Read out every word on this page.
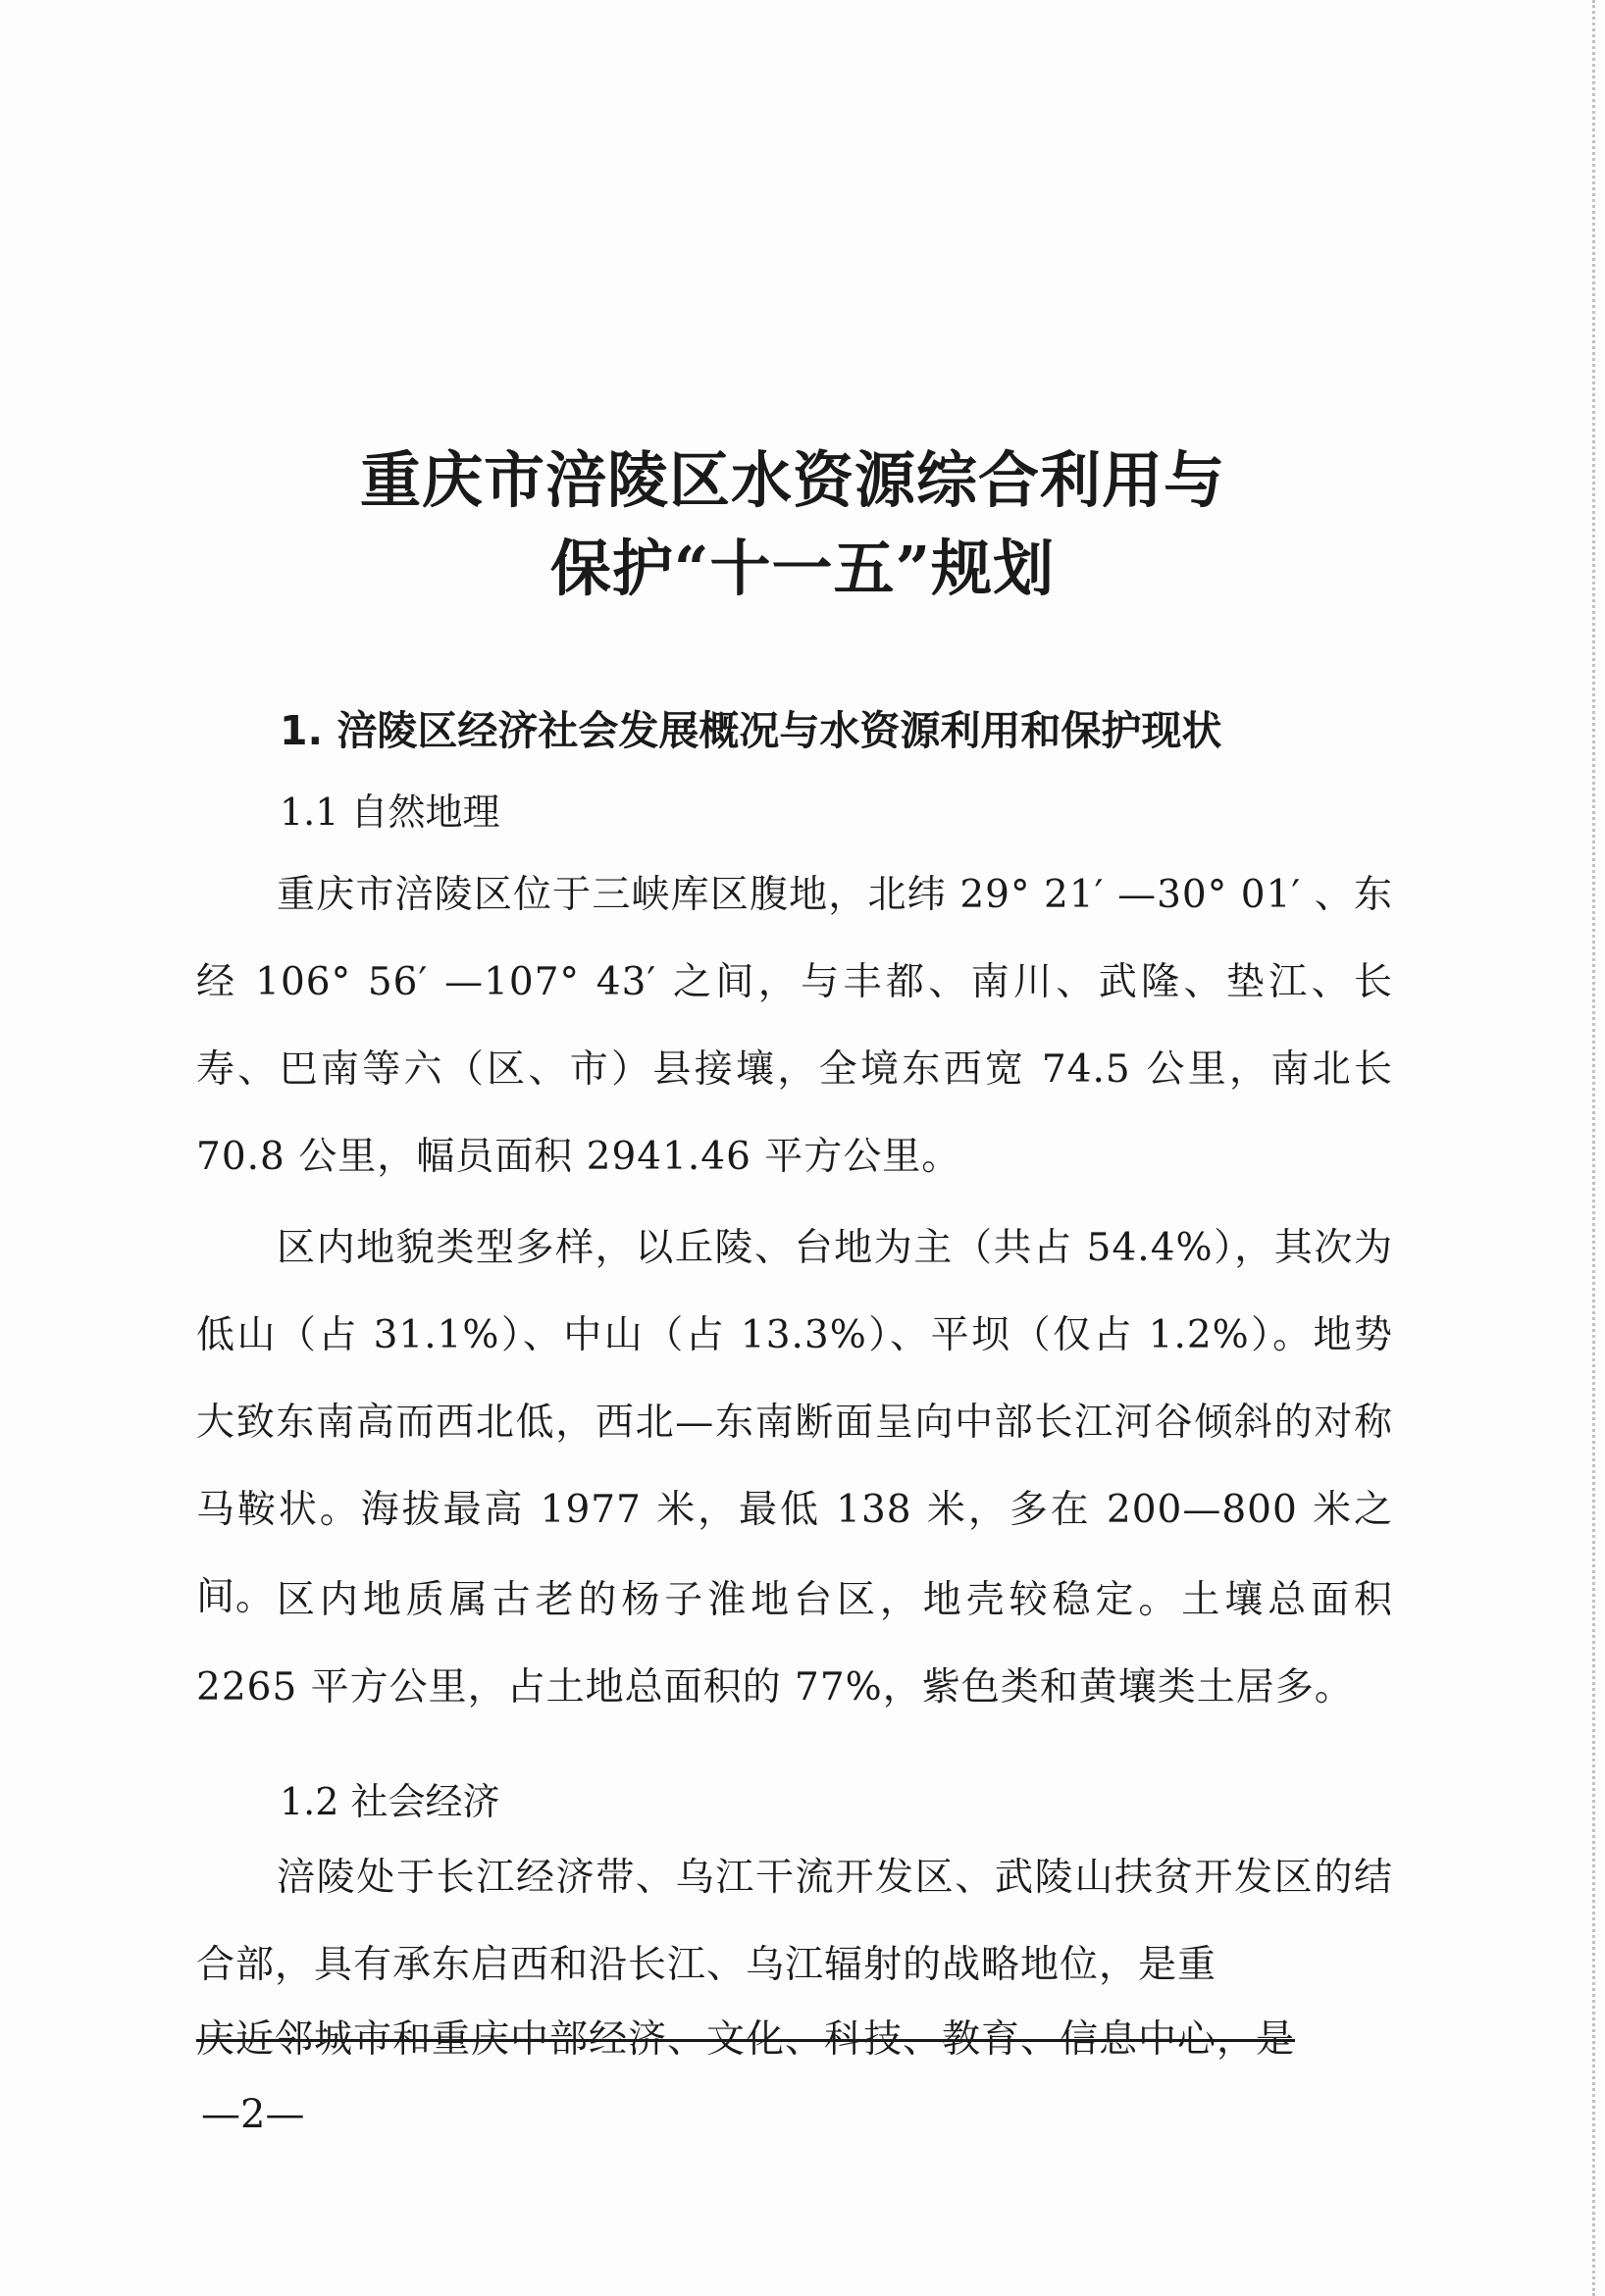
重庆市涪陵区水资源综合利用与
保护“十一五”规划
1. 涪陵区经济社会发展概况与水资源利用和保护现状
1.1 自然地理
重庆市涪陵区位于三峡库区腹地，北纬 29° 21′ —30° 01′ 、东经 106° 56′ —107° 43′ 之间，与丰都、南川、武隆、垫江、长寿、巴南等六（区、市）县接壤，全境东西宽 74.5 公里，南北长 70.8 公里，幅员面积 2941.46 平方公里。
区内地貌类型多样，以丘陵、台地为主（共占 54.4%），其次为低山（占 31.1%）、中山（占 13.3%）、平坝（仅占 1.2%）。地势大致东南高而西北低，西北—东南断面呈向中部长江河谷倾斜的对称马鞍状。海拔最高 1977 米，最低 138 米，多在 200—800 米之间。 区内地质属古老的杨子淮地台区，地壳较稳定。土壤总面积 2265 平方公里，占土地总面积的 77%，紫色类和黄壤类土居多。
1.2 社会经济
涪陵处于长江经济带、乌江干流开发区、武陵山扶贫开发区的结合部，具有承东启西和沿长江、乌江辐射的战略地位，是重
庆近邻城市和重庆中部经济、文化、科技、教育、信息中心，是
—2—
